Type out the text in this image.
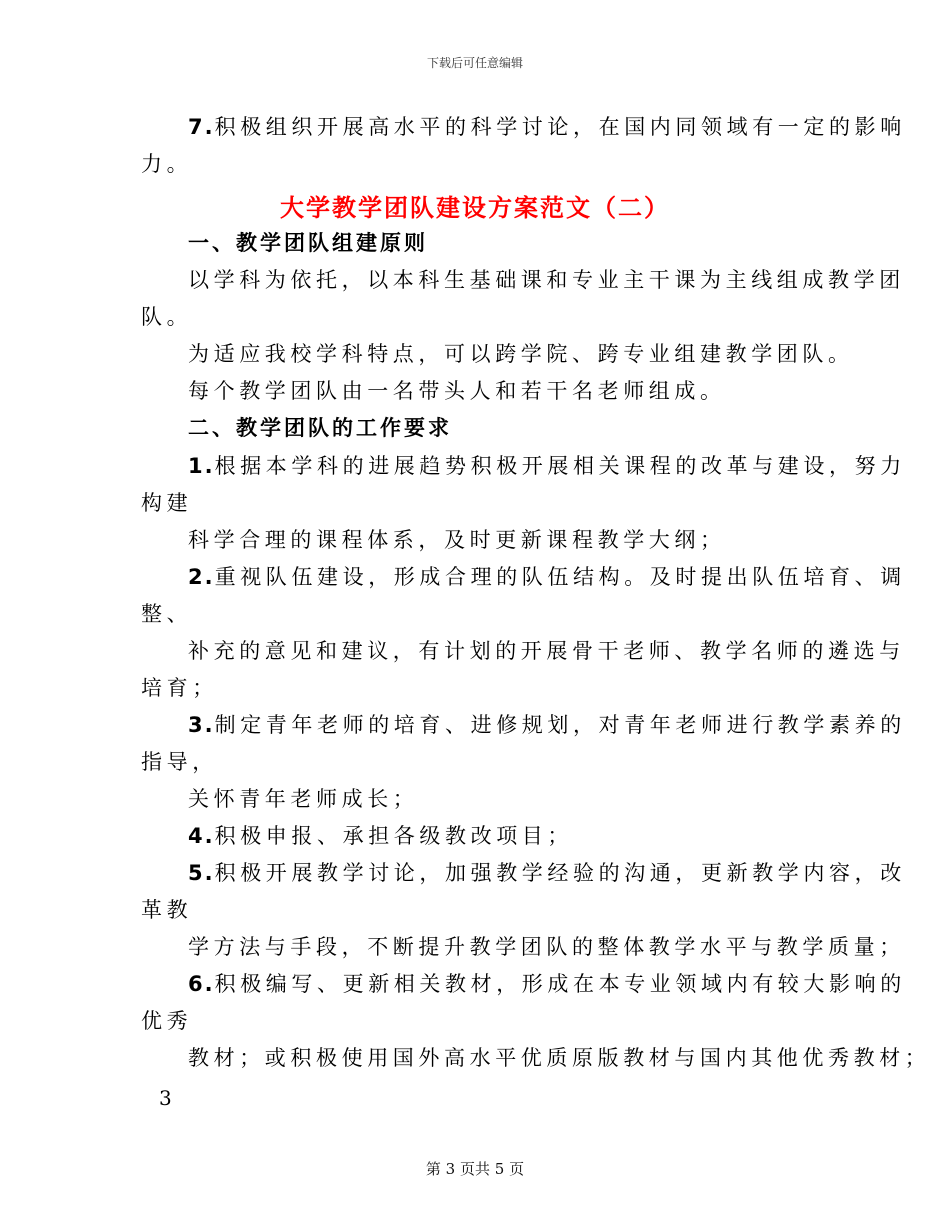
下载后可任意编辑
7.积极组织开展高水平的科学讨论，在国内同领域有一定的影响
力。
大学教学团队建设方案范文（二）
一、教学团队组建原则
以学科为依托，以本科生基础课和专业主干课为主线组成教学团
队。
为适应我校学科特点，可以跨学院、跨专业组建教学团队。
每个教学团队由一名带头人和若干名老师组成。
二、教学团队的工作要求
1.根据本学科的进展趋势积极开展相关课程的改革与建设，努力
构建
科学合理的课程体系，及时更新课程教学大纲；
2.重视队伍建设，形成合理的队伍结构。及时提出队伍培育、调
整、
补充的意见和建议，有计划的开展骨干老师、教学名师的遴选与
培育；
3.制定青年老师的培育、进修规划，对青年老师进行教学素养的
指导，
关怀青年老师成长；
4.积极申报、承担各级教改项目；
5.积极开展教学讨论，加强教学经验的沟通，更新教学内容，改
革教
学方法与手段，不断提升教学团队的整体教学水平与教学质量；
6.积极编写、更新相关教材，形成在本专业领域内有较大影响的
优秀
教材；或积极使用国外高水平优质原版教材与国内其他优秀教材；
3
第 3 页共 5 页
